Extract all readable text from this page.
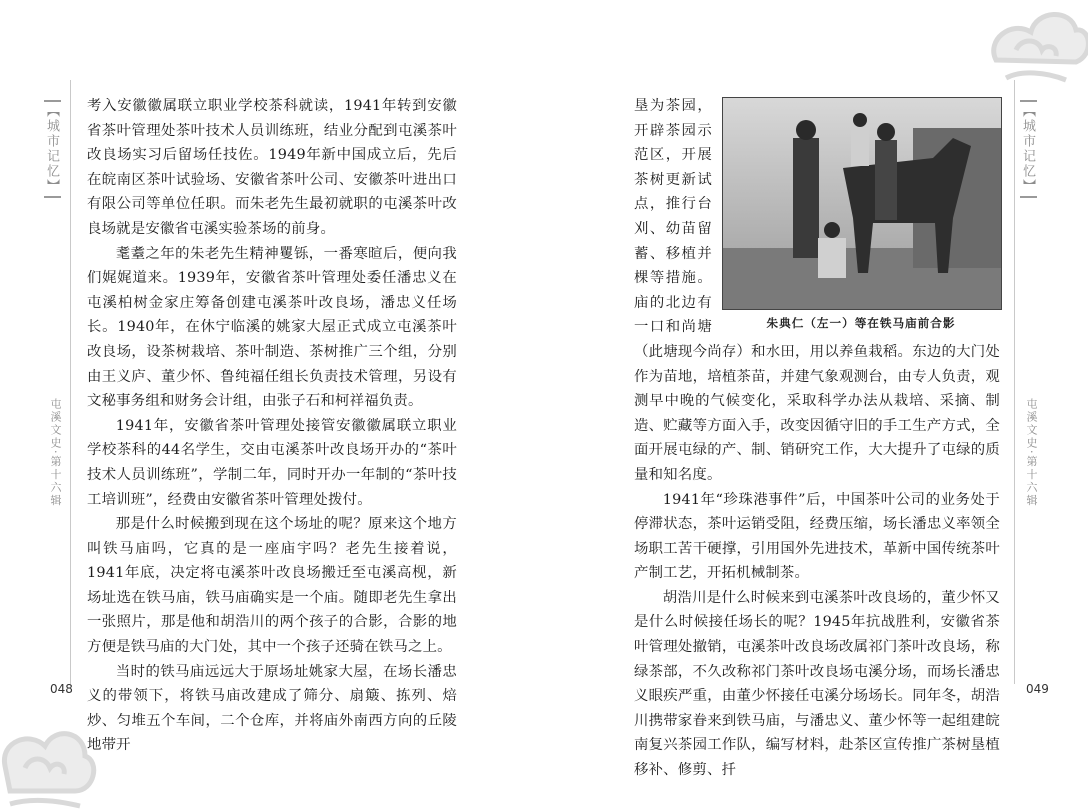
【城市记忆】
屯溪文史·第十六辑
048

考入安徽徽属联立职业学校茶科就读，1941年转到安徽省茶叶管理处茶叶技术人员训练班，结业分配到屯溪茶叶改良场实习后留场任技佐。1949年新中国成立后，先后在皖南区茶叶试验场、安徽省茶叶公司、安徽茶叶进出口有限公司等单位任职。而朱老先生最初就职的屯溪茶叶改良场就是安徽省屯溪实验茶场的前身。

耄耋之年的朱老先生精神矍铄，一番寒暄后，便向我们娓娓道来。1939年，安徽省茶叶管理处委任潘忠义在屯溪柏树金家庄筹备创建屯溪茶叶改良场，潘忠义任场长。1940年，在休宁临溪的姚家大屋正式成立屯溪茶叶改良场，设茶树栽培、茶叶制造、茶树推广三个组，分别由王义庐、董少怀、鲁纯福任组长负责技术管理，另设有文秘事务组和财务会计组，由张子石和柯祥福负责。

1941年，安徽省茶叶管理处接管安徽徽属联立职业学校茶科的44名学生，交由屯溪茶叶改良场开办的“茶叶技术人员训练班”，学制二年，同时开办一年制的“茶叶技工培训班”，经费由安徽省茶叶管理处拨付。

那是什么时候搬到现在这个场址的呢？原来这个地方叫铁马庙吗，它真的是一座庙宇吗？老先生接着说，1941年底，决定将屯溪茶叶改良场搬迁至屯溪高枧，新场址选在铁马庙，铁马庙确实是一个庙。随即老先生拿出一张照片，那是他和胡浩川的两个孩子的合影，合影的地方便是铁马庙的大门处，其中一个孩子还骑在铁马之上。

当时的铁马庙远远大于原场址姚家大屋，在场长潘忠义的带领下，将铁马庙改建成了筛分、扇簸、拣列、焙炒、匀堆五个车间，二个仓库，并将庙外南西方向的丘陵地带开

【城市记忆】
屯溪文史·第十六辑
049
朱典仁（左一）等在铁马庙前合影

垦为茶园，开辟茶园示范区，开展茶树更新试点，推行台刈、幼苗留蓄、移植并棵等措施。庙的北边有一口和尚塘（此塘现今尚存）和水田，用以养鱼栽稻。东边的大门处作为苗地，培植茶苗，并建气象观测台，由专人负责，观测早中晚的气候变化，采取科学办法从栽培、采摘、制造、贮藏等方面入手，改变因循守旧的手工生产方式，全面开展屯绿的产、制、销研究工作，大大提升了屯绿的质量和知名度。

1941年“珍珠港事件”后，中国茶叶公司的业务处于停滞状态，茶叶运销受阻，经费压缩，场长潘忠义率领全场职工苦干硬撑，引用国外先进技术，革新中国传统茶叶产制工艺，开拓机械制茶。

胡浩川是什么时候来到屯溪茶叶改良场的，董少怀又是什么时候接任场长的呢？1945年抗战胜利，安徽省茶叶管理处撤销，屯溪茶叶改良场改属祁门茶叶改良场，称绿茶部，不久改称祁门茶叶改良场屯溪分场，而场长潘忠义眼疾严重，由董少怀接任屯溪分场场长。同年冬，胡浩川携带家眷来到铁马庙，与潘忠义、董少怀等一起组建皖南复兴茶园工作队，编写材料，赴茶区宣传推广茶树垦植移补、修剪、扦
